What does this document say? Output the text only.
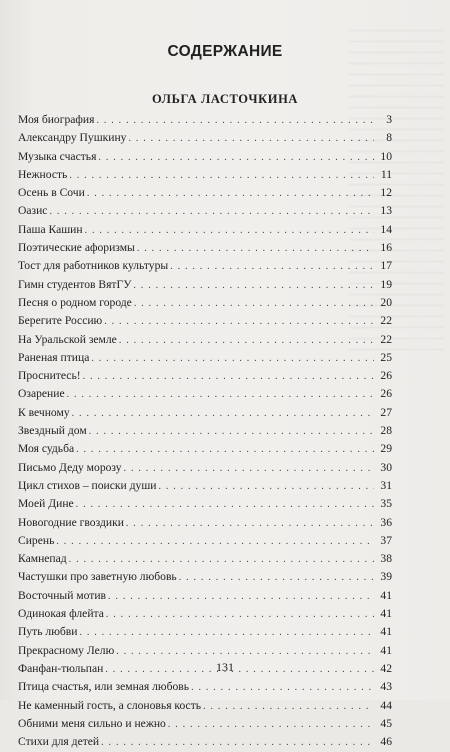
СОДЕРЖАНИЕ
ОЛЬГА ЛАСТОЧКИНА
Моя биография . . .	3
Александру Пушкину . . .	8
Музыка счастья . . .	10
Нежность . . .	11
Осень в Сочи . . .	12
Оазис . . .	13
Паша Кашин . . .	14
Поэтические афоризмы . . .	16
Тост для работников культуры . . .	17
Гимн студентов ВятГУ . . .	19
Песня о родном городе . . .	20
Берегите Россию . . .	22
На Уральской земле . . .	22
Раненая птица . . .	25
Проснитесь! . . .	26
Озарение . . .	26
К вечному . . .	27
Звездный дом . . .	28
Моя судьба . . .	29
Письмо Деду морозу . . .	30
Цикл стихов – поиски души . . .	31
Моей Дине . . .	35
Новогодние гвоздики . . .	36
Сирень . . .	37
Камнепад . . .	38
Частушки про заветную любовь . . .	39
Восточный мотив . . .	41
Одинокая флейта . . .	41
Путь любви . . .	41
Прекрасному Лелю . . .	41
Фанфан-тюльпан . . .	42
Птица счастья, или земная любовь . . .	43
Не каменный гость, а слоновья кость . . .	44
Обними меня сильно и нежно . . .	45
Стихи для детей . . .	46
131
